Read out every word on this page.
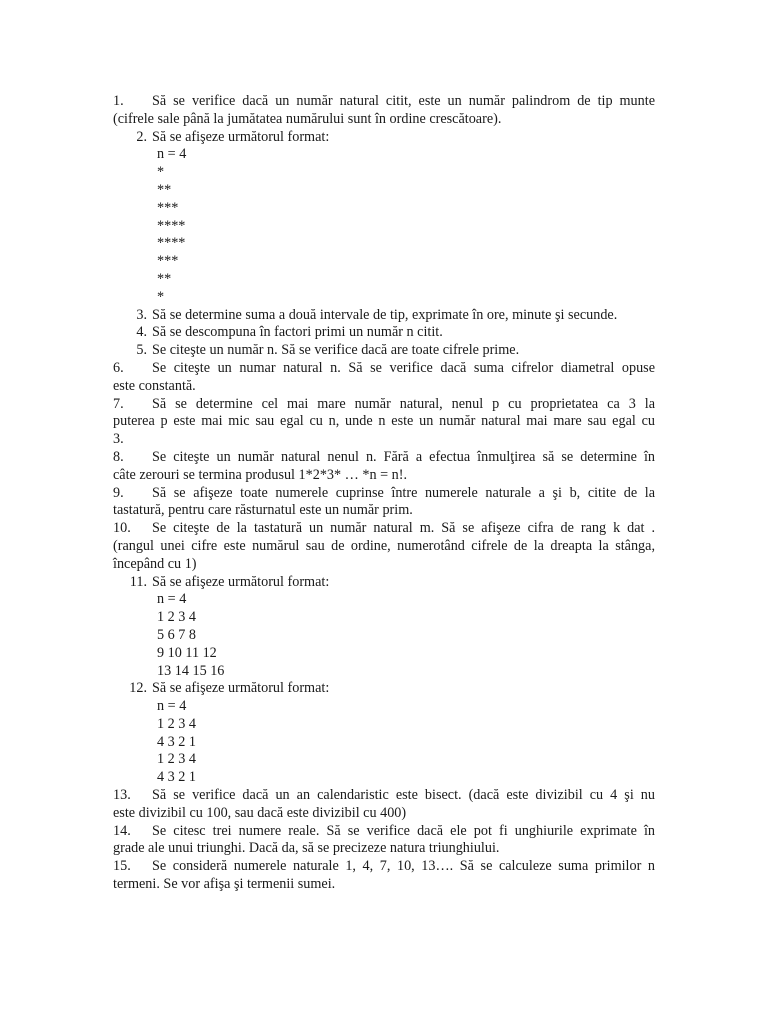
1. Să se verifice dacă un număr natural citit, este un număr palindrom de tip munte
(cifrele sale până la jumătatea numărului sunt în ordine crescătoare).
2. Să se afişeze următorul format:
n = 4
*
**
***
****
****
***
**
*
3. Să se determine suma a două intervale de tip, exprimate în ore, minute şi secunde.
4. Să se descompuna în factori primi un număr n citit.
5. Se citeşte un număr n. Să se verifice dacă are toate cifrele prime.
6. Se citeşte un numar natural n. Să se verifice dacă suma cifrelor diametral opuse
este constantă.
7. Să se determine cel mai mare număr natural, nenul p cu proprietatea ca 3 la
puterea p este mai mic sau egal cu n, unde n este un număr natural mai mare sau egal cu
3.
8. Se citeşte un număr natural nenul n. Fără a efectua înmulţirea să se determine în
câte zerouri se termina produsul 1*2*3* … *n = n!.
9. Să se afişeze toate numerele cuprinse între numerele naturale a şi b, citite de la
tastatură, pentru care răsturnatul este un număr prim.
10. Se citeşte de la tastatură un număr natural m. Să se afişeze cifra de rang k dat .
(rangul unei cifre este numărul sau de ordine, numerotând cifrele de la dreapta la stânga,
începând cu 1)
11. Să se afişeze următorul format:
n = 4
1 2 3 4
5 6 7 8
9 10 11 12
13 14 15 16
12. Să se afişeze următorul format:
n = 4
1 2 3 4
4 3 2 1
1 2 3 4
4 3 2 1
13. Să se verifice dacă un an calendaristic este bisect. (dacă este divizibil cu 4 şi nu
este divizibil cu 100, sau dacă este divizibil cu 400)
14. Se citesc trei numere reale. Să se verifice dacă ele pot fi unghiurile exprimate în
grade ale unui triunghi. Dacă da, să se precizeze natura triunghiului.
15. Se consideră numerele naturale 1, 4, 7, 10, 13…. Să se calculeze suma primilor n
termeni. Se vor afişa şi termenii sumei.
